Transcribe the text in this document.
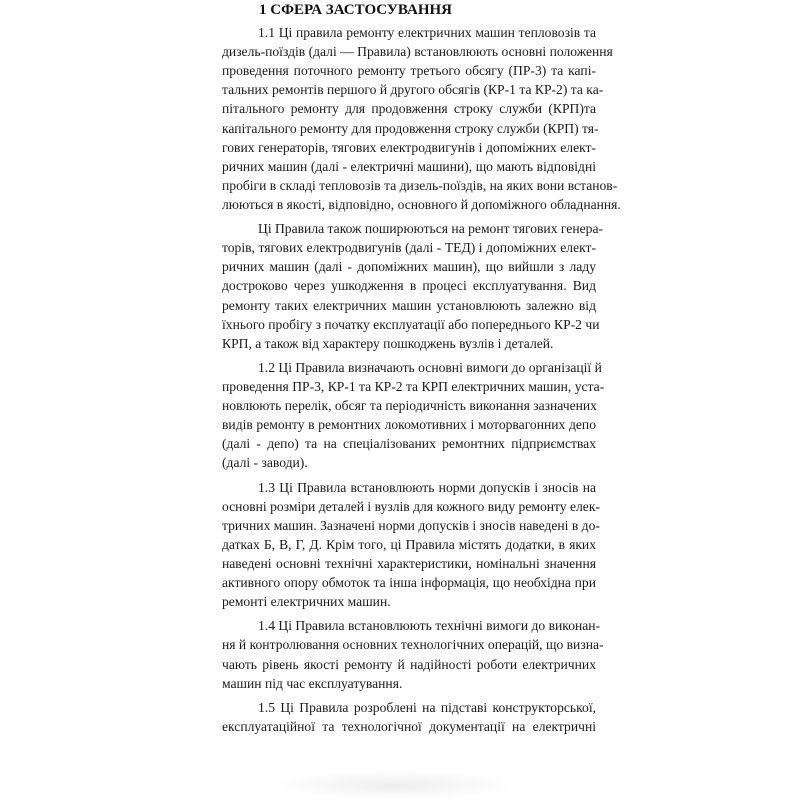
1 СФЕРА ЗАСТОСУВАННЯ
1.1 Ці правила ремонту електричних машин тепловозів та
дизель-поїздів (далі — Правила) встановлюють основні положення
проведення поточного ремонту третього обсягу (ПР-3) та капі-
тальних ремонтів першого й другого обсягів (КР-1 та КР-2) та ка-
пітального ремонту для продовження строку служби (КРП)та
капітального ремонту для продовження строку служби (КРП) тя-
гових генераторів, тягових електродвигунів і допоміжних елект-
ричних машин (далі - електричні машини), що мають відповідні
пробіги в складі тепловозів та дизель-поїздів, на яких вони встанов-
люються в якості, відповідно, основного й допоміжного обладнання.
Ці Правила також поширюються на ремонт тягових генера-
торів, тягових електродвигунів (далі - ТЕД) і допоміжних елект-
ричних машин (далі - допоміжних машин), що вийшли з ладу
достроково через ушкодження в процесі експлуатування. Вид
ремонту таких електричних машин установлюють залежно від
їхнього пробігу з початку експлуатації або попереднього КР-2 чи
КРП, а також від характеру пошкоджень вузлів і деталей.
1.2 Ці Правила визначають основні вимоги до організації й
проведення ПР-3, КР-1 та КР-2 та КРП електричних машин, уста-
новлюють перелік, обсяг та періодичність виконання зазначених
видів ремонту в ремонтних локомотивних і моторвагонних депо
(далі - депо) та на спеціалізованих ремонтних підприємствах
(далі - заводи).
1.3 Ці Правила встановлюють норми допусків і зносів на
основні розміри деталей і вузлів для кожного виду ремонту елек-
тричних машин. Зазначені норми допусків і зносів наведені в до-
датках Б, В, Г, Д. Крім того, ці Правила містять додатки, в яких
наведені основні технічні характеристики, номінальні значення
активного опору обмоток та інша інформація, що необхідна при
ремонті електричних машин.
1.4 Ці Правила встановлюють технічні вимоги до виконан-
ня й контролювання основних технологічних операцій, що визна-
чають рівень якості ремонту й надійності роботи електричних
машин під час експлуатування.
1.5 Ці Правила розроблені на підставі конструкторської,
експлуатаційної та технологічної документації на електричні
